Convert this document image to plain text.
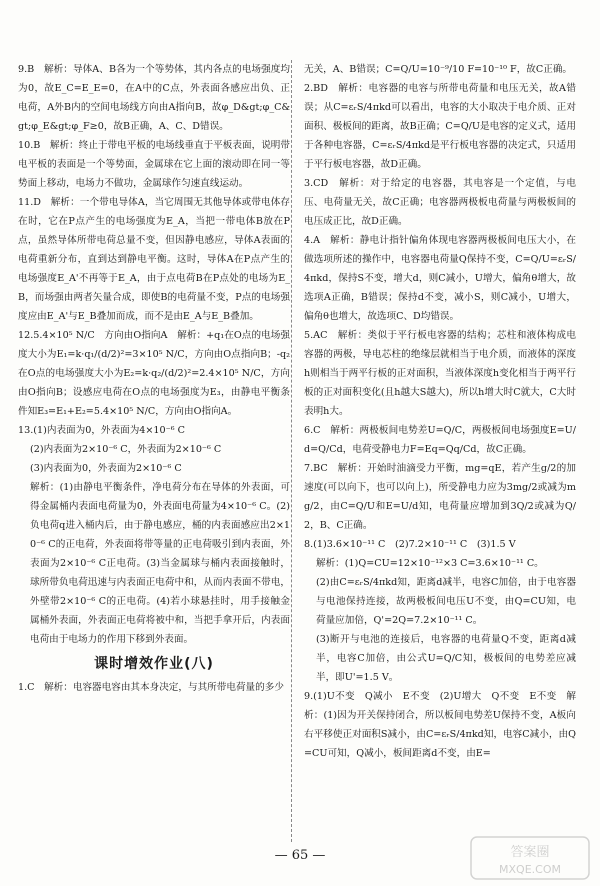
9.B　解析：导体A、B各为一个等势体，其内各点的电场强度均为0，故E_C=E_E=0，在A中的C点，外表面各感应出负、正电荷，A外B内的空间电场线方向由A指向B，故φ_D&gt;φ_C&gt;φ_E&gt;φ_F≥0，故B正确，A、C、D错误。

10.B　解析：终止于带电平板的电场线垂直于平板表面，说明带电平板的表面是一个等势面，金属球在它上面的滚动即在同一等势面上移动，电场力不做功，金属球作匀速直线运动。

11.D　解析：一个带电导体A，当它周围无其他导体或带电体存在时，它在P点产生的电场强度为E_A，当把一带电体B放在P点，虽然导体所带电荷总量不变，但因静电感应，导体A表面的电荷重新分布，直到达到静电平衡。这时，导体A在P点产生的电场强度E_A'不再等于E_A，由于点电荷B在P点处的电场为E_B，而场强由两者矢量合成，即使B的电荷量不变，P点的电场强度应由E_A'与E_B叠加而成，而不是由E_A与E_B叠加。

12.5.4×10⁵ N/C　方向由O指向A　解析：+q₁在O点的电场强度大小为E₁=k·q₁/(d/2)²=3×10⁵ N/C，方向由O点指向B；-q₂在O点的电场强度大小为E₂=k·q₂/(d/2)²=2.4×10⁵ N/C，方向由O指向B；设感应电荷在O点的电场强度为E₃，由静电平衡条件知E₃=E₁+E₂=5.4×10⁵ N/C，方向由O指向A。

13.(1)内表面为0，外表面为4×10⁻⁶ C

(2)内表面为2×10⁻⁶ C，外表面为2×10⁻⁶ C

(3)内表面为0，外表面为2×10⁻⁶ C

解析：(1)由静电平衡条件，净电荷分布在导体的外表面，可得金属桶内表面电荷量为0，外表面电荷量为4×10⁻⁶ C。(2)负电荷q进入桶内后，由于静电感应，桶的内表面感应出2×10⁻⁶ C的正电荷，外表面将带等量的正电荷吸引到内表面，外表面为2×10⁻⁶ C正电荷。(3)当金属球与桶内表面接触时，球所带负电荷迅速与内表面正电荷中和，从而内表面不带电，外壁带2×10⁻⁶ C的正电荷。(4)若小球悬挂时，用手接触金属桶外表面，外表面正电荷将被中和，当把手拿开后，内表面电荷由于电场力的作用下移到外表面。

课时增效作业(八)

1.C　解析：电容器电容由其本身决定，与其所带电荷量的多少

无关，A、B错误；C=Q/U=10⁻⁹/10 F=10⁻¹⁰ F，故C正确。

2.BD　解析：电容器的电容与所带电荷量和电压无关，故A错误；从C=εᵣS/4πkd可以看出，电容的大小取决于电介质、正对面积、极板间的距离，故B正确；C=Q/U是电容的定义式，适用于各种电容器，C=εᵣS/4πkd是平行板电容器的决定式，只适用于平行板电容器，故D正确。

3.CD　解析：对于给定的电容器，其电容是一个定值，与电压、电荷量无关，故C正确；电容器两极板电荷量与两极板间的电压成正比，故D正确。

4.A　解析：静电计指针偏角体现电容器两极板间电压大小，在做选项所述的操作中，电容器电荷量Q保持不变，C=Q/U=εᵣS/4πkd，保持S不变，增大d，则C减小，U增大，偏角θ增大，故选项A正确，B错误；保持d不变，减小S，则C减小，U增大，偏角θ也增大，故选项C、D均错误。

5.AC　解析：类似于平行板电容器的结构；芯柱和液体构成电容器的两极，导电芯柱的绝缘层就相当于电介质，而液体的深度h则相当于两平行板的正对面积，当液体深度h变化相当于两平行板的正对面积变化(且h越大S越大)，所以h增大时C就大，C大时表明h大。

6.C　解析：两极板间电势差U=Q/C，两极板间电场强度E=U/d=Q/Cd，电荷受静电力F=Eq=Qq/Cd，故C正确。

7.BC　解析：开始时油滴受力平衡，mg=qE，若产生g/2的加速度(可以向下，也可以向上)，所受静电力应为3mg/2或减为mg/2，由C=Q/U和E=U/d知，电荷量应增加到3Q/2或减为Q/2，B、C正确。

8.(1)3.6×10⁻¹¹ C　(2)7.2×10⁻¹¹ C　(3)1.5 V

解析：(1)Q=CU=12×10⁻¹²×3 C=3.6×10⁻¹¹ C。

(2)由C=εᵣS/4πkd知，距离d减半，电容C加倍，由于电容器与电池保持连接，故两极板间电压U不变，由Q=CU知，电荷量应加倍，Q'=2Q=7.2×10⁻¹¹ C。

(3)断开与电池的连接后，电容器的电荷量Q不变，距离d减半，电容C加倍，由公式U=Q/C知，极板间的电势差应减半，即U'=1.5 V。

9.(1)U不变　Q减小　E不变　(2)U增大　Q不变　E不变　解析：(1)因为开关保持闭合，所以板间电势差U保持不变，A板向右平移使正对面积S减小，由C=εᵣS/4πkd知，电容C减小，由Q=CU可知，Q减小，板间距离d不变，由E=

— 65 —	答案圈
MXQE.COM
